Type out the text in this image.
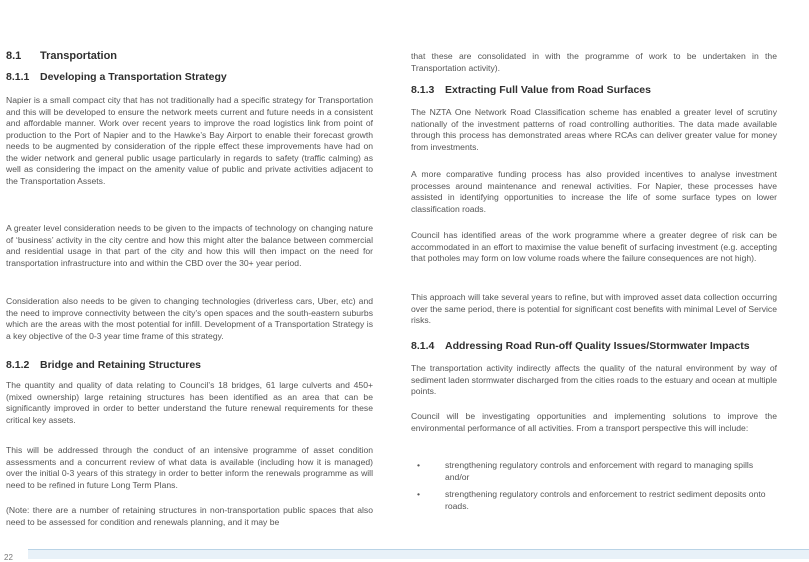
8.1 Transportation
8.1.1 Developing a Transportation Strategy

Napier is a small compact city that has not traditionally had a specific strategy for Transportation and this will be developed to ensure the network meets current and future needs in a consistent and affordable manner. Work over recent years to improve the road logistics link from point of production to the Port of Napier and to the Hawke’s Bay Airport to enable their forecast growth needs to be augmented by consideration of the ripple effect these improvements have had on the wider network and general public usage particularly in regards to safety (traffic calming) as well as considering the impact on the amenity value of public and private activities adjacent to the Transportation Assets.

A greater level consideration needs to be given to the impacts of technology on changing nature of ‘business’ activity in the city centre and how this might alter the balance between commercial and residential usage in that part of the city and how this will then impact on the need for transportation infrastructure into and within the CBD over the 30+ year period.

Consideration also needs to be given to changing technologies (driverless cars, Uber, etc) and the need to improve connectivity between the city’s open spaces and the south-eastern suburbs which are the areas with the most potential for infill. Development of a Transportation Strategy is a key objective of the 0-3 year time frame of this strategy.

8.1.2 Bridge and Retaining Structures

The quantity and quality of data relating to Council’s 18 bridges, 61 large culverts and 450+ (mixed ownership) large retaining structures has been identified as an area that can be significantly improved in order to better understand the future renewal requirements for these critical key assets.

This will be addressed through the conduct of an intensive programme of asset condition assessments and a concurrent review of what data is available (including how it is managed) over the initial 0-3 years of this strategy in order to better inform the renewals programme as will need to be refined in future Long Term Plans.

(Note: there are a number of retaining structures in non-transportation public spaces that also need to be assessed for condition and renewals planning, and it may be

that these are consolidated in with the programme of work to be undertaken in the Transportation activity).

8.1.3 Extracting Full Value from Road Surfaces

The NZTA One Network Road Classification scheme has enabled a greater level of scrutiny nationally of the investment patterns of road controlling authorities. The data made available through this process has demonstrated areas where RCAs can deliver greater value for money from investments.

A more comparative funding process has also provided incentives to analyse investment processes around maintenance and renewal activities. For Napier, these processes have assisted in identifying opportunities to increase the life of some surface types on lower classification roads.

Council has identified areas of the work programme where a greater degree of risk can be accommodated in an effort to maximise the value benefit of surfacing investment (e.g. accepting that potholes may form on low volume roads where the failure consequences are not high).

This approach will take several years to refine, but with improved asset data collection occurring over the same period, there is potential for significant cost benefits with minimal Level of Service risks.

8.1.4 Addressing Road Run-off Quality Issues/Stormwater Impacts

The transportation activity indirectly affects the quality of the natural environment by way of sediment laden stormwater discharged from the cities roads to the estuary and ocean at multiple points.

Council will be investigating opportunities and implementing solutions to improve the environmental performance of all activities. From a transport perspective this will include:

•	strengthening regulatory controls and enforcement with regard to managing spills and/or
•	strengthening regulatory controls and enforcement to restrict sediment deposits onto roads.
22
